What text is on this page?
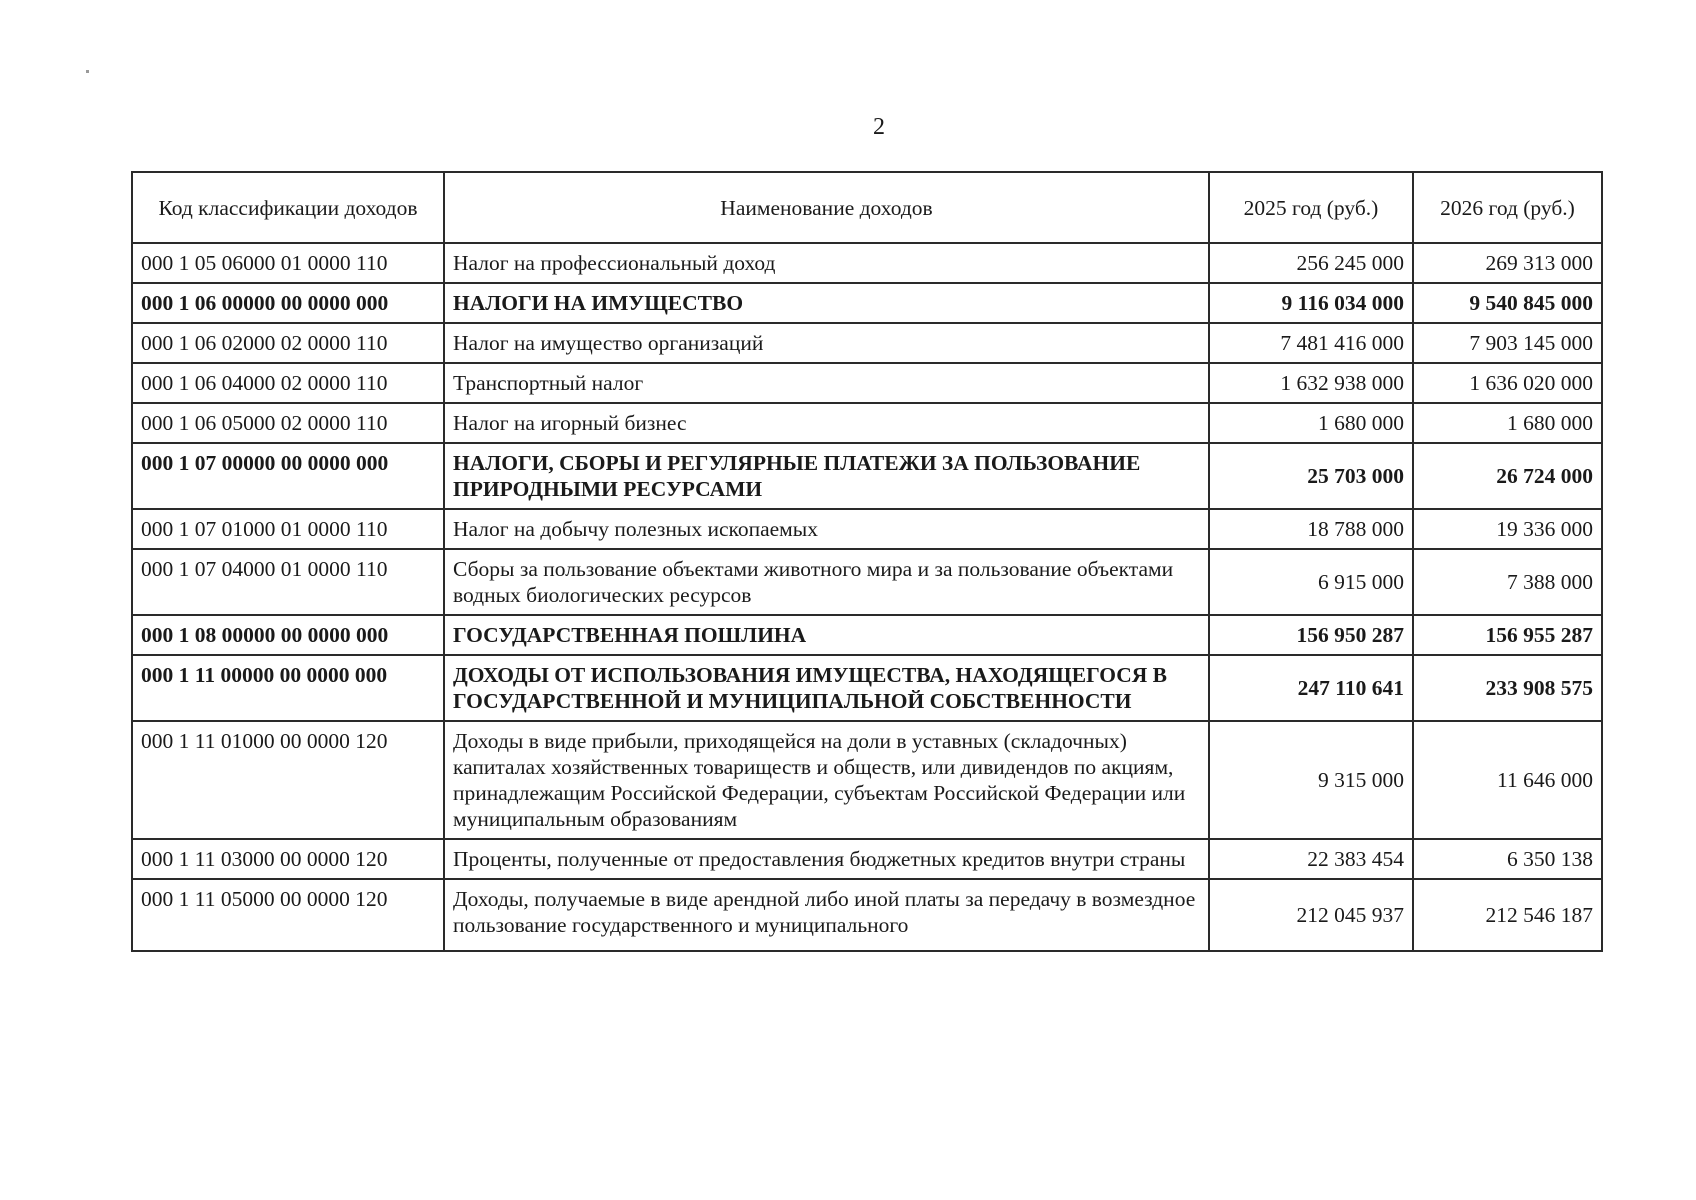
2
Код классификации доходов	Наименование доходов	2025 год (руб.)	2026 год (руб.)
000 1 05 06000 01 0000 110	Налог на профессиональный доход	256 245 000	269 313 000
000 1 06 00000 00 0000 000	НАЛОГИ НА ИМУЩЕСТВО	9 116 034 000	9 540 845 000
000 1 06 02000 02 0000 110	Налог на имущество организаций	7 481 416 000	7 903 145 000
000 1 06 04000 02 0000 110	Транспортный налог	1 632 938 000	1 636 020 000
000 1 06 05000 02 0000 110	Налог на игорный бизнес	1 680 000	1 680 000
000 1 07 00000 00 0000 000	НАЛОГИ, СБОРЫ И РЕГУЛЯРНЫЕ ПЛАТЕЖИ ЗА ПОЛЬЗОВАНИЕ ПРИРОДНЫМИ РЕСУРСАМИ	25 703 000	26 724 000
000 1 07 01000 01 0000 110	Налог на добычу полезных ископаемых	18 788 000	19 336 000
000 1 07 04000 01 0000 110	Сборы за пользование объектами животного мира и за пользование объектами водных биологических ресурсов	6 915 000	7 388 000
000 1 08 00000 00 0000 000	ГОСУДАРСТВЕННАЯ ПОШЛИНА	156 950 287	156 955 287
000 1 11 00000 00 0000 000	ДОХОДЫ ОТ ИСПОЛЬЗОВАНИЯ ИМУЩЕСТВА, НАХОДЯЩЕГОСЯ В ГОСУДАРСТВЕННОЙ И МУНИЦИПАЛЬНОЙ СОБСТВЕННОСТИ	247 110 641	233 908 575
000 1 11 01000 00 0000 120	Доходы в виде прибыли, приходящейся на доли в уставных (складочных) капиталах хозяйственных товариществ и обществ, или дивидендов по акциям, принадлежащим Российской Федерации, субъектам Российской Федерации или муниципальным образованиям	9 315 000	11 646 000
000 1 11 03000 00 0000 120	Проценты, полученные от предоставления бюджетных кредитов внутри страны	22 383 454	6 350 138
000 1 11 05000 00 0000 120	Доходы, получаемые в виде арендной либо иной платы за передачу в возмездное пользование государственного и муниципального	212 045 937	212 546 187
